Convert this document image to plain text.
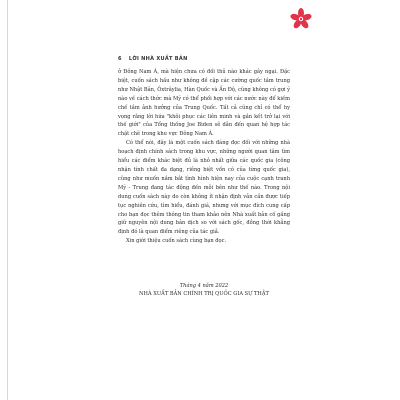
6 LỜI NHÀ XUẤT BẢN

ở Đông Nam Á, mà hiện chưa có đối thủ nào khác gây ngại. Đặc biệt, cuốn sách hầu như không đề cập các cường quốc tầm trung như Nhật Bản, Ôxtrâylia, Hàn Quốc và Ấn Độ, cũng không có gợi ý nào về cách thức mà Mỹ có thể phối hợp với các nước này để kiềm chế tầm ảnh hưởng của Trung Quốc. Tất cả cũng chỉ có thể hy vọng rằng lời hứa "khôi phục các liên minh và gắn kết trở lại với thế giới" của Tổng thống Joe Biden sẽ dẫn đến quan hệ hợp tác chặt chẽ trong khu vực Đông Nam Á.

Có thể nói, đây là một cuốn sách đáng đọc đối với những nhà hoạch định chính sách trong khu vực, những người quan tâm tìm hiểu các điểm khác biệt đủ là nhỏ nhất giữa các quốc gia (công nhận tính chất đa dạng, riêng biệt vốn có của từng quốc gia), cũng như muốn nắm bắt tình hình hiện nay của cuộc cạnh tranh Mỹ - Trung đang tác động đến mỗi bên như thế nào. Trong nội dung cuốn sách này do còn không ít nhận định vẫn cần được tiếp tục nghiên cứu, tìm hiểu, đánh giá, nhưng với mục đích cung cấp cho bạn đọc thêm thông tin tham khảo nên Nhà xuất bản cố gắng giữ nguyên nội dung bản dịch so với sách gốc, đồng thời khẳng định đó là quan điểm riêng của tác giả.

Xin giới thiệu cuốn sách cùng bạn đọc.

Tháng 4 năm 2022
NHÀ XUẤT BẢN CHÍNH TRỊ QUỐC GIA SỰ THẬT
